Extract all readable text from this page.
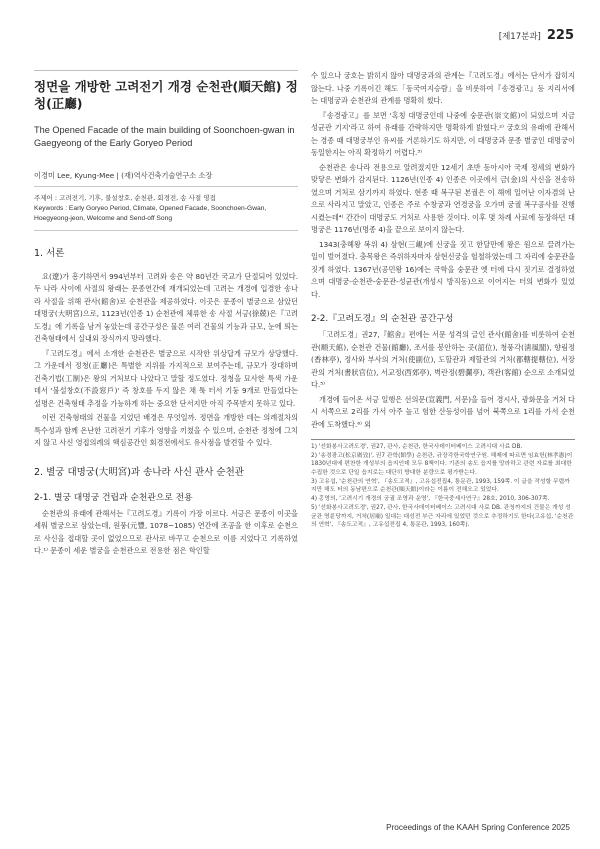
[제17분과] 225
정면을 개방한 고려전기 개경 순천관(順天館) 정청(正廳)

The Opened Facade of the main building of Soonchoen-gwan in Gaegyeong of the Early Goryeo Period

이경미 Lee, Kyung-Mee | (재)역사건축기술연구소 소장
주제어 : 고려전기, 기후, 불설창호, 순천관, 회경전, 송 사절 영접
Keywords : Early Goryeo Period, Climate, Opened Facade, Soonchoen-Gwan, Hoegyeong-jeon, Welcome and Send-off Song
1. 서론

요(遼)가 흥기하면서 994년부터 고려와 송은 약 80년간 국교가 단절되어 있었다. 두 나라 사이에 사절의 왕래는 문종연간에 재개되었는데 고려는 개경에 입경한 송나라 사절을 위해 관사(館舍)로 순천관을 제공하였다. 이곳은 문종이 별궁으로 삼았던 대명궁(大明宮)으로, 1123년(인종 1) 순천관에 체류한 송 사절 서긍(徐兢)은『고려도경』에 기록을 남겨 놓았는데 공간구성은 물론 여러 건물의 기능과 규모, 눈에 띄는 건축형태에서 실내외 장식까지 망라했다.

『고려도경』에서 소개한 순천관은 별궁으로 시작한 위상답게 규모가 상당했다. 그 가운데서 정청(正廳)은 특별한 지위를 가지적으로 보여주는데, 규모가 장대하며 건축기법(工制)은 왕의 거처보다 나았다고 말할 정도였다. 정청을 묘사한 특색 가운데서 '불설창호(不設窓戶)' 즉 창호를 두지 않은 채 툭 터서 기둥 9개로 만들었다는 설명은 건축형태 추정을 가능하게 하는 중요한 단서지만 아직 주목받지 못하고 있다.

이런 건축형태의 건물을 지었던 배경은 무엇일까. 정면을 개방한 데는 의례절차의 특수성과 함께 온난한 고려전기 기후가 영향을 끼쳤을 수 있으며, 순천관 정청에 그치지 않고 사신 영접의례의 핵심공간인 회경전에서도 유사점을 발견할 수 있다.

2. 별궁 대명궁(大明宮)과 송나라 사신 관사 순천관
2-1. 별궁 대명궁 건립과 순천관으로 전용

순천관의 유래에 관해서는『고려도경』기록이 가장 이르다. 서긍은 문종이 이곳을 세워 별궁으로 삼았는데, 원풍(元豐, 1078~1085) 연간에 조공을 한 이후로 순천으로 사신을 접대할 곳이 없었으므로 관사로 바꾸고 순천으로 이름 지었다고 기록하였다.¹⁾ 문종이 세운 별궁을 순천관으로 전용한 점은 학인할

수 있으나 궁호는 밝히지 않아 대명궁과의 관계는『고려도경』에서는 단서가 잡히지 않는다. 나중 기록이긴 해도「동국여지승람」을 비롯하여『송경광고』등 지리서에는 대명궁과 순천관의 관계를 명확히 썼다.

『송경광고』를 보면 '혹칭 대명궁인데 나중에 숭문관(崇文館)이 되었으며 지금 성균관 기지'라고 하여 유래를 간략하지만 명확하게 밝혔다.²⁾ 궁호의 유래에 관해서는 경종 때 대명궁부인 유씨를 거론하기도 하지만, 이 대명궁과 문종 별궁인 대명궁이 동일한지는 아직 확정하기 어렵다.³⁾

순천관은 송나라 전용으로 알려졌지만 12세기 초반 동아시아 국제 정세의 변화가 맞닿은 변화가 감지된다. 1126년(인종 4) 인종은 이곳에서 금(金)의 사신을 전송하였으며 거처로 삼기까지 하였다. 현종 때 복구된 본궐은 이 해에 일어난 이자겸의 난으로 사라지고 말았고, 인종은 주로 수창궁과 연경궁을 오가며 궁궐 복구공사를 진행시켰는데⁴⁾ 간간이 대명궁도 거처로 사용한 것이다. 이후 몇 차례 사료에 등장하던 대명궁은 1176년(명종 4)을 끝으로 보이지 않는다.

1343(충혜왕 복위 4) 삼현(三峴)에 신궁을 짓고 한달만에 왕은 원으로 끌려가는 일이 벌어졌다. 충목왕은 즉위하자마자 삼현신궁을 헐철하였는데 그 자리에 숭문관을 짓게 하였다. 1367년(공민왕 16)에는 국학을 숭문관 옛 터에 다시 짓기로 결정하였으며 대명궁-순천관-숭문관-성균관(개성시 방직동)으로 이어지는 터의 변화가 있었다.

2-2.『고려도경』의 순천관 공간구성

「고려도경」권27,『館舍』편에는 서문 성격의 글인 관사(館舍)를 비롯하여 순천관(順天館), 순천관 건물(館廳), 조서를 봉안하는 곳(詔位), 청풍각(淸風閣), 향림정(香林亭), 정사와 부사의 거처(使副位), 도할관과 제할관의 거처(都轄提轄位), 서장관의 거처(書狀官位), 서교정(西郊亭), 벽란정(碧瀾亭), 객관(客館) 순으로 소개되었다.⁵⁾

개경에 들어온 서긍 일행은 선의문(宣義門, 서문)을 들어 경시사, 광화문을 거쳐 다시 서쪽으로 2리를 가서 아주 높고 험한 산등성이를 넘어 북쪽으로 1리를 가서 순천관에 도착했다.⁶⁾ 외

1) '선화봉사고려도경', 권27, 관사, 순천관, 한국사데이터베이스 고려시대 사료 DB.

2) '송경광고(松京廣攷)', 권7 관학(館學) 순천관, 규장각한국학연구원. 해제에 따르면 임효헌(林孝憲)이 1830년대에 편찬한 개성부의 읍지인데 모두 8책이다. 기존의 송도 읍지를 망라하고 관련 자료를 최대한 수집한 것으로 단일 읍지로는 대단히 방대한 분량으로 평가받는다.

3) 고유섭, '순천관의 연혁', 『송도고적』, 고유섭전집4, 통문관, 1993, 159쪽. 이 글을 작성할 무렵까지만 해도 터의 동남편으로 순천관(順天館)이라는 이름이 전해오고 있었다.

4) 홍영의, '고려시기 개경의 궁궐 조영과 운영', 『한국중세사연구』28호, 2010, 306-307쪽.

5) '선화봉사고려도경', 권27, 관사, 한국사데이터베이스 고려시대 사료 DB. 관청까지의 건물은 개성 성균관 명륜당까지, 거처(居廟) 일대는 대성전 부근 자리에 있었던 것으로 추정하기도 한다(고유섭, '순천관의 연혁', 『송도고적』, 고유섭전집 4, 통문관, 1993, 160쪽).

Proceedings of the KAAH Spring Conference 2025
